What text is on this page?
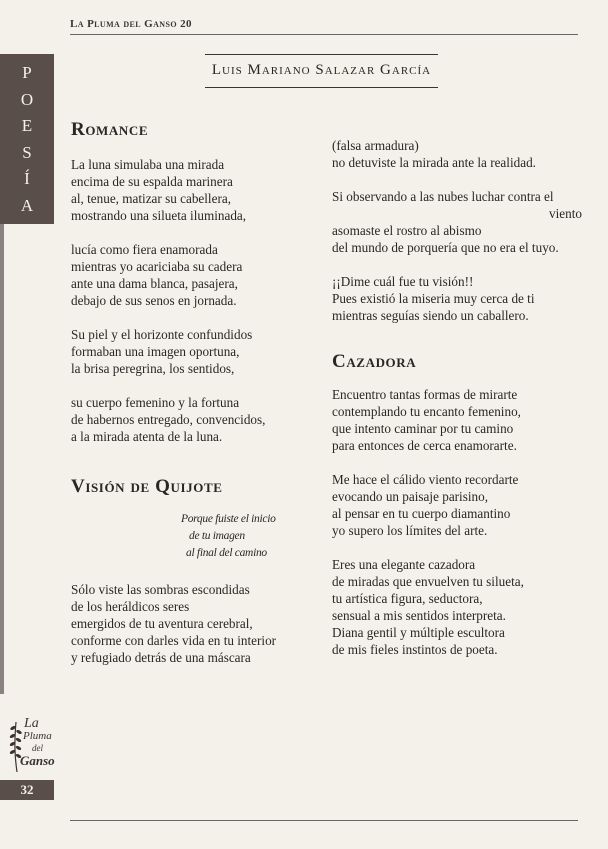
La Pluma del Ganso 20
P
O
E
S
Í
A
La
Pluma
del
Ganso
32
Luis Mariano Salazar García
Romance
La luna simulaba una mirada
encima de su espalda marinera
al, tenue, matizar su cabellera,
mostrando una silueta iluminada,
lucía como fiera enamorada
mientras yo acariciaba su cadera
ante una dama blanca, pasajera,
debajo de sus senos en jornada.
Su piel y el horizonte confundidos
formaban una imagen oportuna,
la brisa peregrina, los sentidos,
su cuerpo femenino y la fortuna
de habernos entregado, convencidos,
a la mirada atenta de la luna.
Visión de Quijote
Porque fuiste el inicio
de tu imagen
al final del camino
Sólo viste las sombras escondidas
de los heráldicos seres
emergidos de tu aventura cerebral,
conforme con darles vida en tu interior
y refugiado detrás de una máscara
(falsa armadura)
no detuviste la mirada ante la realidad.
Si observando a las nubes luchar contra el
viento
asomaste el rostro al abismo
del mundo de porquería que no era el tuyo.
¡¡Dime cuál fue tu visión!!
Pues existió la miseria muy cerca de ti
mientras seguías siendo un caballero.
Cazadora
Encuentro tantas formas de mirarte
contemplando tu encanto femenino,
que intento caminar por tu camino
para entonces de cerca enamorarte.
Me hace el cálido viento recordarte
evocando un paisaje parisino,
al pensar en tu cuerpo diamantino
yo supero los límites del arte.
Eres una elegante cazadora
de miradas que envuelven tu silueta,
tu artística figura, seductora,
sensual a mis sentidos interpreta.
Diana gentil y múltiple escultora
de mis fieles instintos de poeta.
